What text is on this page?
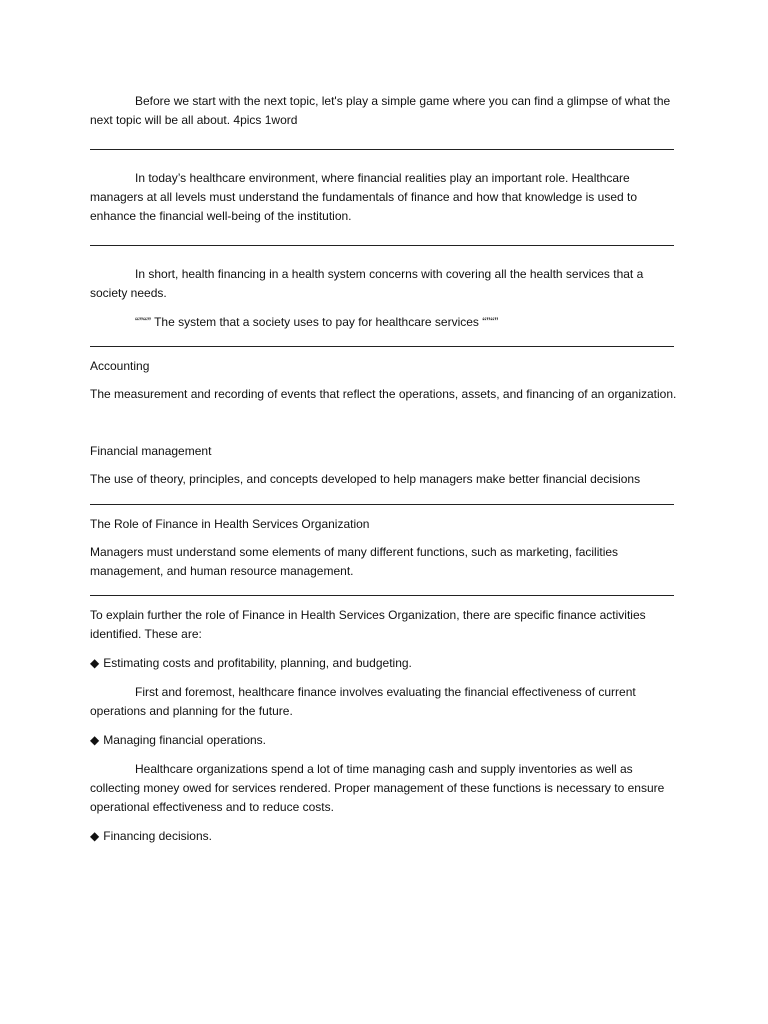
Before we start with the next topic, let's play a simple game where you can find a glimpse of what the next topic will be all about. 4pics 1word

In today’s healthcare environment, where financial realities play an important role. Healthcare managers at all levels must understand the fundamentals of finance and how that knowledge is used to enhance the financial well-being of the institution.

In short, health financing in a health system concerns with covering all the health services that a society needs.

“”“” The system that a society uses to pay for healthcare services “”“”

Accounting

The measurement and recording of events that reflect the operations, assets, and financing of an organization.

Financial management

The use of theory, principles, and concepts developed to help managers make better financial decisions

The Role of Finance in Health Services Organization

Managers must understand some elements of many different functions, such as marketing, facilities management, and human resource management.

To explain further the role of Finance in Health Services Organization, there are specific finance activities identified. These are:

◆ Estimating costs and profitability, planning, and budgeting.

First and foremost, healthcare finance involves evaluating the financial effectiveness of current operations and planning for the future.

◆ Managing financial operations.

Healthcare organizations spend a lot of time managing cash and supply inventories as well as collecting money owed for services rendered. Proper management of these functions is necessary to ensure operational effectiveness and to reduce costs.

◆ Financing decisions.
